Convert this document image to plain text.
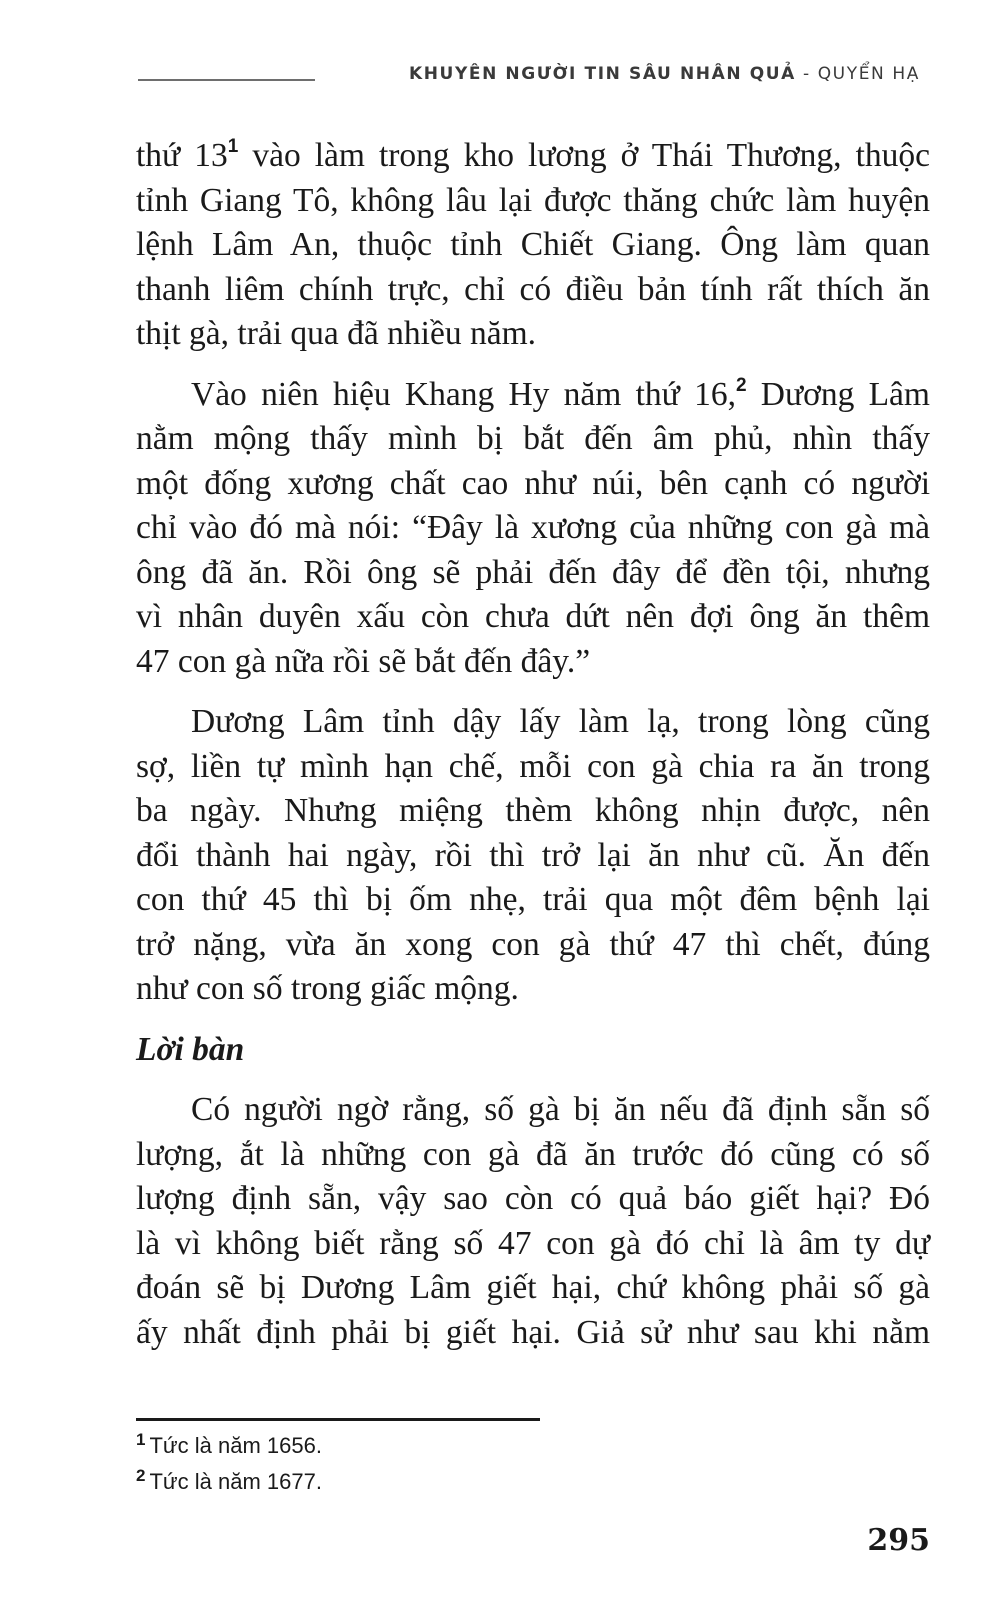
KHUYÊN NGƯỜI TIN SÂU NHÂN QUẢ - QUYỂN HẠ

thứ 13$^1$ vào làm trong kho lương ở Thái Thương, thuộc
tỉnh Giang Tô, không lâu lại được thăng chức làm huyện
lệnh Lâm An, thuộc tỉnh Chiết Giang. Ông làm quan
thanh liêm chính trực, chỉ có điều bản tính rất thích ăn
thịt gà, trải qua đã nhiều năm.

Vào niên hiệu Khang Hy năm thứ 16,$^2$ Dương Lâm
nằm mộng thấy mình bị bắt đến âm phủ, nhìn thấy
một đống xương chất cao như núi, bên cạnh có người
chỉ vào đó mà nói: “Đây là xương của những con gà mà
ông đã ăn. Rồi ông sẽ phải đến đây để đền tội, nhưng
vì nhân duyên xấu còn chưa dứt nên đợi ông ăn thêm
47 con gà nữa rồi sẽ bắt đến đây.”

Dương Lâm tỉnh dậy lấy làm lạ, trong lòng cũng
sợ, liền tự mình hạn chế, mỗi con gà chia ra ăn trong
ba ngày. Nhưng miệng thèm không nhịn được, nên
đổi thành hai ngày, rồi thì trở lại ăn như cũ. Ăn đến
con thứ 45 thì bị ốm nhẹ, trải qua một đêm bệnh lại
trở nặng, vừa ăn xong con gà thứ 47 thì chết, đúng
như con số trong giấc mộng.

Lời bàn

Có người ngờ rằng, số gà bị ăn nếu đã định sẵn số
lượng, ắt là những con gà đã ăn trước đó cũng có số
lượng định sẵn, vậy sao còn có quả báo giết hại? Đó
là vì không biết rằng số 47 con gà đó chỉ là âm ty dự
đoán sẽ bị Dương Lâm giết hại, chứ không phải số gà
ấy nhất định phải bị giết hại. Giả sử như sau khi nằm

$^1$ Tức là năm 1656.
$^2$ Tức là năm 1677.
295
